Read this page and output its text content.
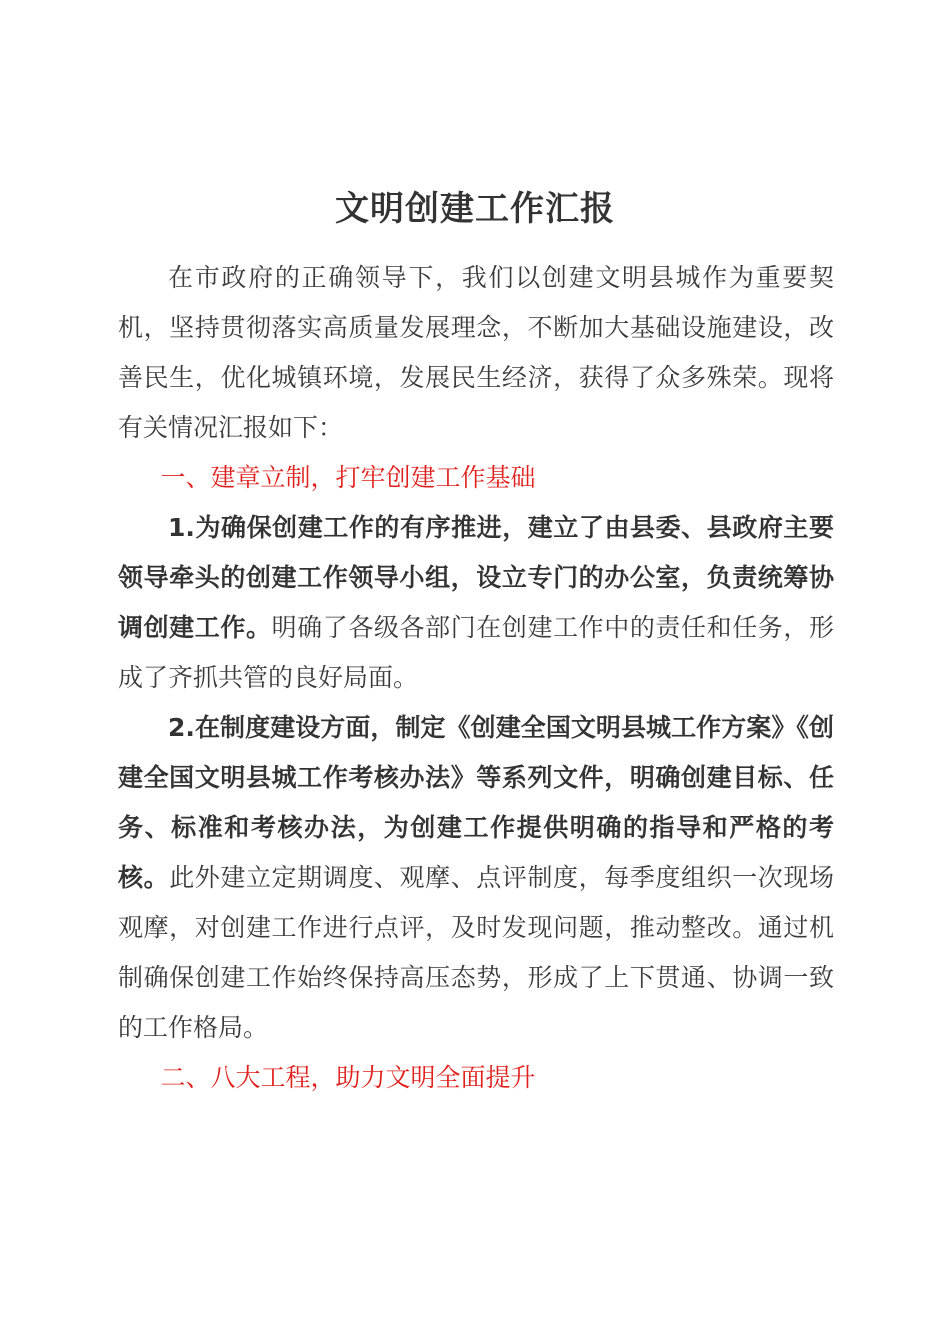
文明创建工作汇报

在市政府的正确领导下，我们以创建文明县城作为重要契机，坚持贯彻落实高质量发展理念，不断加大基础设施建设，改善民生，优化城镇环境，发展民生经济，获得了众多殊荣。现将有关情况汇报如下：

一、建章立制，打牢创建工作基础

1.为确保创建工作的有序推进，建立了由县委、县政府主要领导牵头的创建工作领导小组，设立专门的办公室，负责统筹协调创建工作。明确了各级各部门在创建工作中的责任和任务，形成了齐抓共管的良好局面。

2.在制度建设方面，制定《创建全国文明县城工作方案》《创建全国文明县城工作考核办法》等系列文件，明确创建目标、任务、标准和考核办法，为创建工作提供明确的指导和严格的考核。此外建立定期调度、观摩、点评制度，每季度组织一次现场观摩，对创建工作进行点评，及时发现问题，推动整改。通过机制确保创建工作始终保持高压态势，形成了上下贯通、协调一致的工作格局。

二、八大工程，助力文明全面提升
